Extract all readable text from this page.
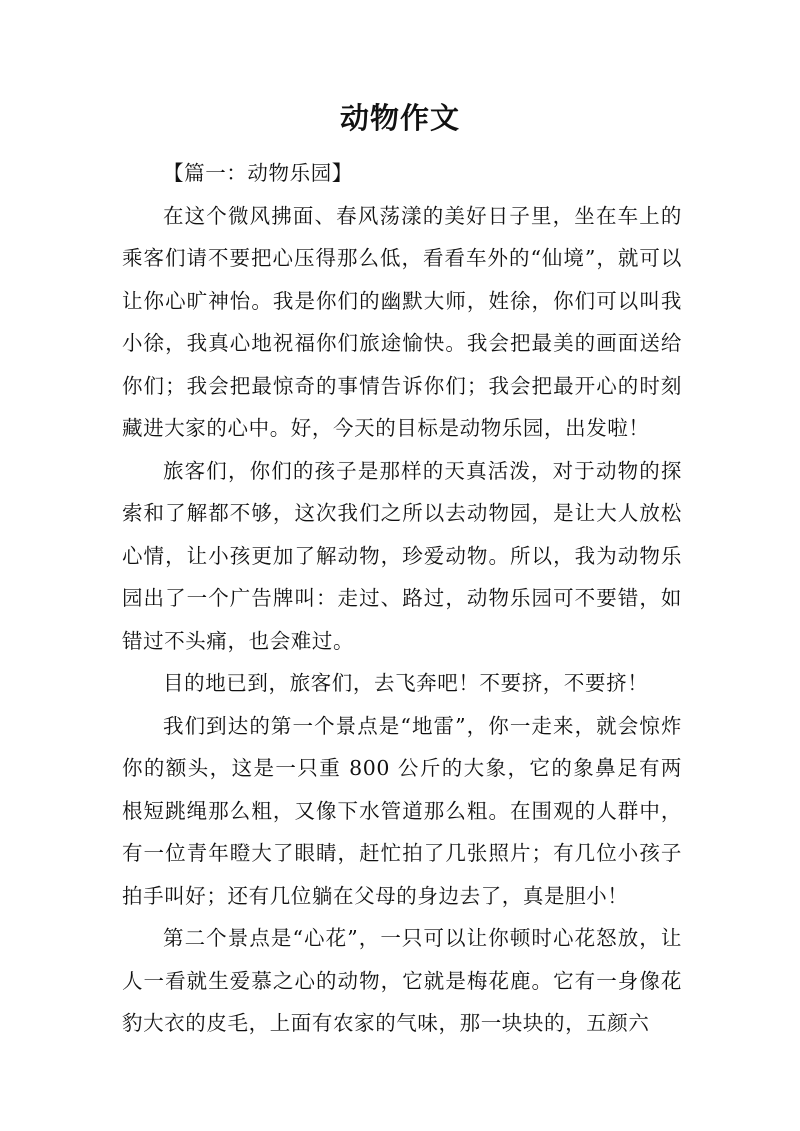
动物作文

【篇一：动物乐园】

在这个微风拂面、春风荡漾的美好日子里，坐在车上的乘客们请不要把心压得那么低，看看车外的“仙境”，就可以让你心旷神怡。我是你们的幽默大师，姓徐，你们可以叫我小徐，我真心地祝福你们旅途愉快。我会把最美的画面送给你们；我会把最惊奇的事情告诉你们；我会把最开心的时刻藏进大家的心中。好，今天的目标是动物乐园，出发啦！

旅客们，你们的孩子是那样的天真活泼，对于动物的探索和了解都不够，这次我们之所以去动物园，是让大人放松心情，让小孩更加了解动物，珍爱动物。所以，我为动物乐园出了一个广告牌叫：走过、路过，动物乐园可不要错，如错过不头痛，也会难过。

目的地已到，旅客们，去飞奔吧！不要挤，不要挤！

我们到达的第一个景点是“地雷”，你一走来，就会惊炸你的额头，这是一只重 800 公斤的大象，它的象鼻足有两根短跳绳那么粗，又像下水管道那么粗。在围观的人群中，有一位青年瞪大了眼睛，赶忙拍了几张照片；有几位小孩子拍手叫好；还有几位躺在父母的身边去了，真是胆小！

第二个景点是“心花”，一只可以让你顿时心花怒放，让人一看就生爱慕之心的动物，它就是梅花鹿。它有一身像花豹大衣的皮毛，上面有农家的气味，那一块块的，五颜六
